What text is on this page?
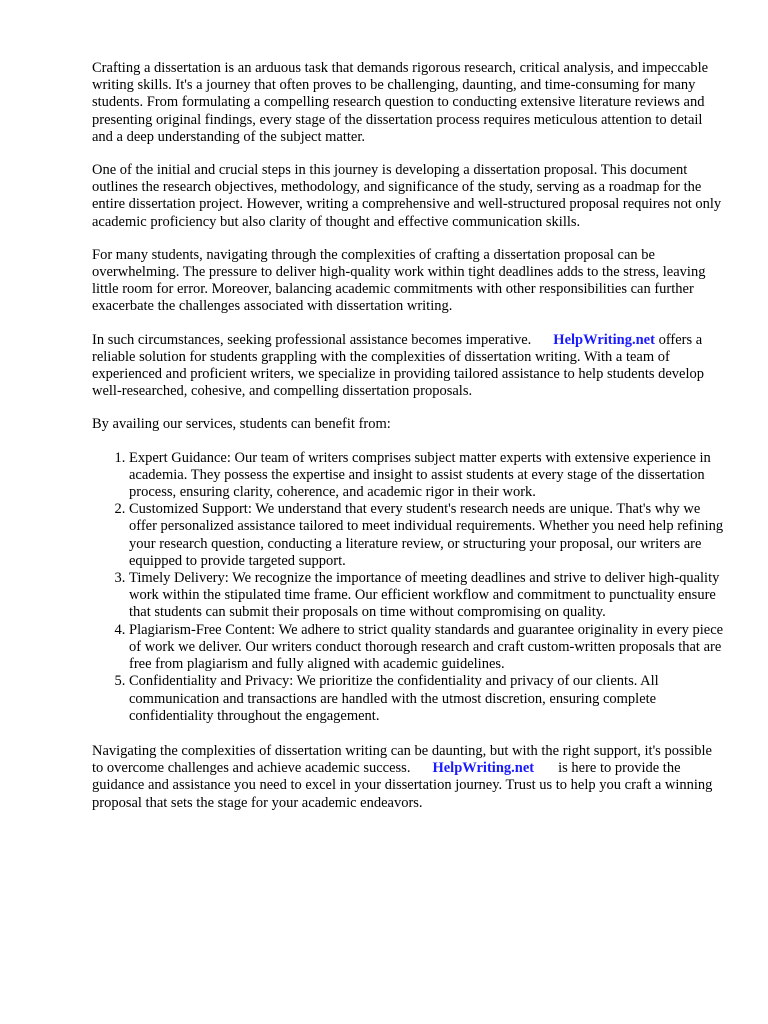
Crafting a dissertation is an arduous task that demands rigorous research, critical analysis, and impeccable writing skills. It's a journey that often proves to be challenging, daunting, and time-consuming for many students. From formulating a compelling research question to conducting extensive literature reviews and presenting original findings, every stage of the dissertation process requires meticulous attention to detail and a deep understanding of the subject matter.

One of the initial and crucial steps in this journey is developing a dissertation proposal. This document outlines the research objectives, methodology, and significance of the study, serving as a roadmap for the entire dissertation project. However, writing a comprehensive and well-structured proposal requires not only academic proficiency but also clarity of thought and effective communication skills.

For many students, navigating through the complexities of crafting a dissertation proposal can be overwhelming. The pressure to deliver high-quality work within tight deadlines adds to the stress, leaving little room for error. Moreover, balancing academic commitments with other responsibilities can further exacerbate the challenges associated with dissertation writing.

In such circumstances, seeking professional assistance becomes imperative. HelpWriting.net offers a reliable solution for students grappling with the complexities of dissertation writing. With a team of experienced and proficient writers, we specialize in providing tailored assistance to help students develop well-researched, cohesive, and compelling dissertation proposals.

By availing our services, students can benefit from:

1. Expert Guidance: Our team of writers comprises subject matter experts with extensive experience in academia. They possess the expertise and insight to assist students at every stage of the dissertation process, ensuring clarity, coherence, and academic rigor in their work.
2. Customized Support: We understand that every student's research needs are unique. That's why we offer personalized assistance tailored to meet individual requirements. Whether you need help refining your research question, conducting a literature review, or structuring your proposal, our writers are equipped to provide targeted support.
3. Timely Delivery: We recognize the importance of meeting deadlines and strive to deliver high-quality work within the stipulated time frame. Our efficient workflow and commitment to punctuality ensure that students can submit their proposals on time without compromising on quality.
4. Plagiarism-Free Content: We adhere to strict quality standards and guarantee originality in every piece of work we deliver. Our writers conduct thorough research and craft custom-written proposals that are free from plagiarism and fully aligned with academic guidelines.
5. Confidentiality and Privacy: We prioritize the confidentiality and privacy of our clients. All communication and transactions are handled with the utmost discretion, ensuring complete confidentiality throughout the engagement.

Navigating the complexities of dissertation writing can be daunting, but with the right support, it's possible to overcome challenges and achieve academic success. HelpWriting.net is here to provide the guidance and assistance you need to excel in your dissertation journey. Trust us to help you craft a winning proposal that sets the stage for your academic endeavors.
